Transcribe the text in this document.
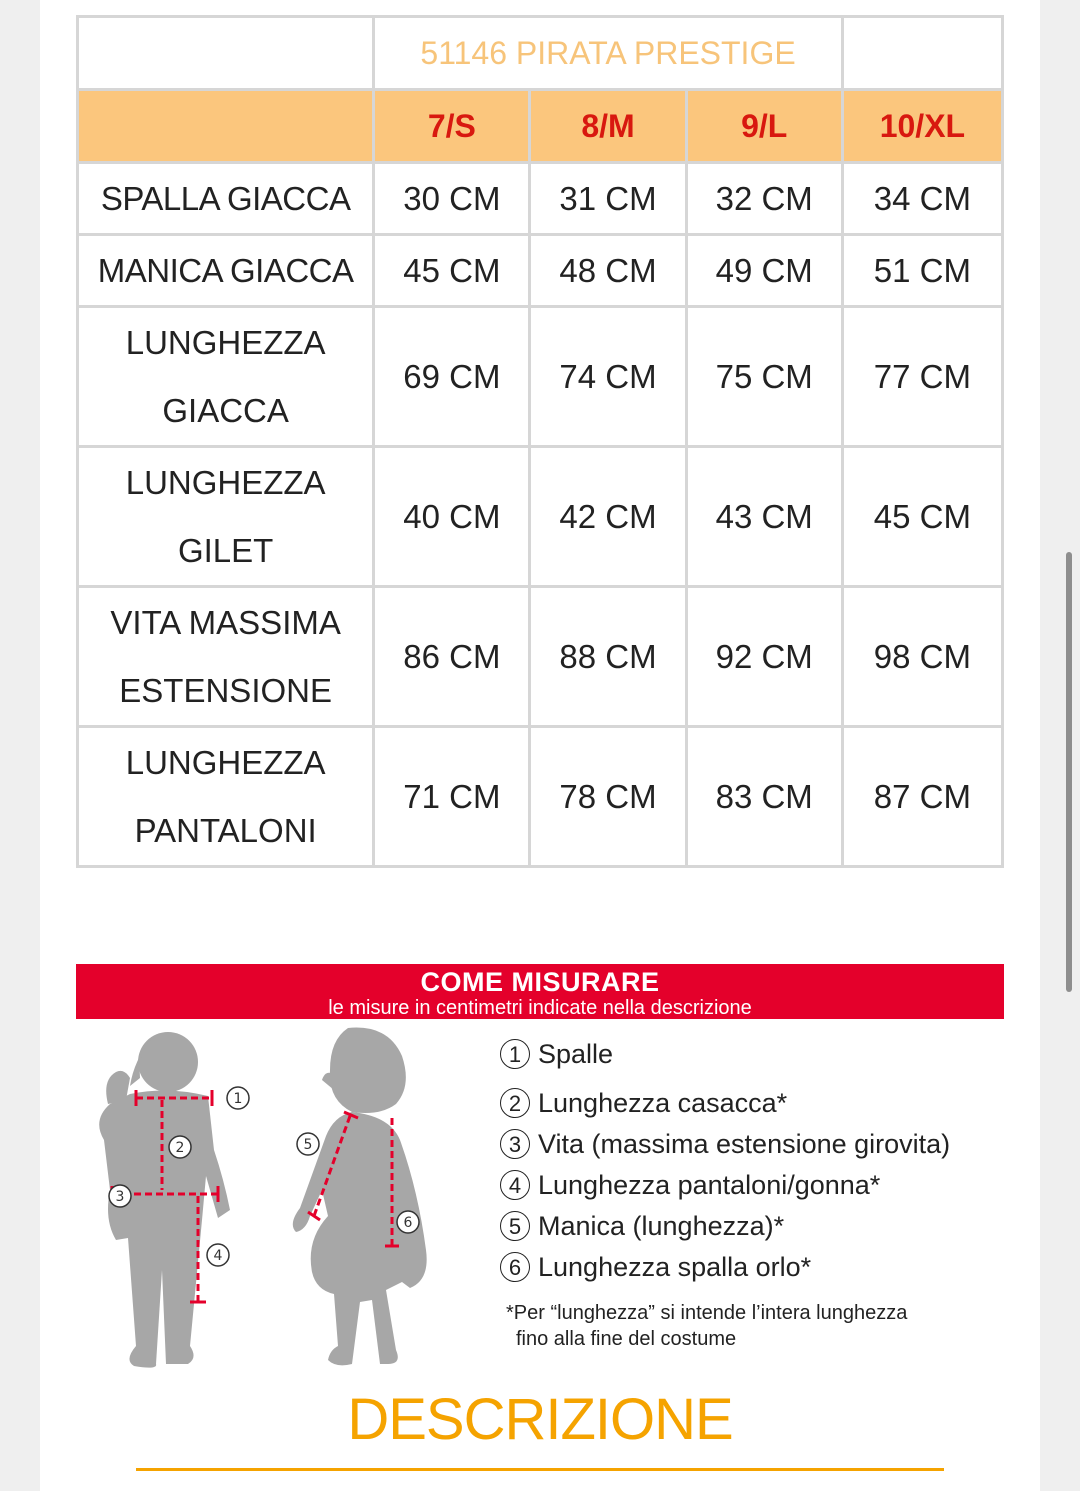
	51146 PIRATA PRESTIGE			
	7/S	8/M	9/L	10/XL
SPALLA GIACCA	30 CM	31 CM	32 CM	34 CM
MANICA GIACCA	45 CM	48 CM	49 CM	51 CM
LUNGHEZZA
GIACCA	69 CM	74 CM	75 CM	77 CM
LUNGHEZZA
GILET	40 CM	42 CM	43 CM	45 CM
VITA MASSIMA
ESTENSIONE	86 CM	88 CM	92 CM	98 CM
LUNGHEZZA
PANTALONI	71 CM	78 CM	83 CM	87 CM
COME MISURARE
le misure in centimetri indicate nella descrizione
1
2
3
4
5
6
1 Spalle
2 Lunghezza casacca*
3 Vita (massima estensione girovita)
4 Lunghezza pantaloni/gonna*
5 Manica (lunghezza)*
6 Lunghezza spalla orlo*
*Per “lunghezza” si intende l’intera lunghezza
fino alla fine del costume
DESCRIZIONE
